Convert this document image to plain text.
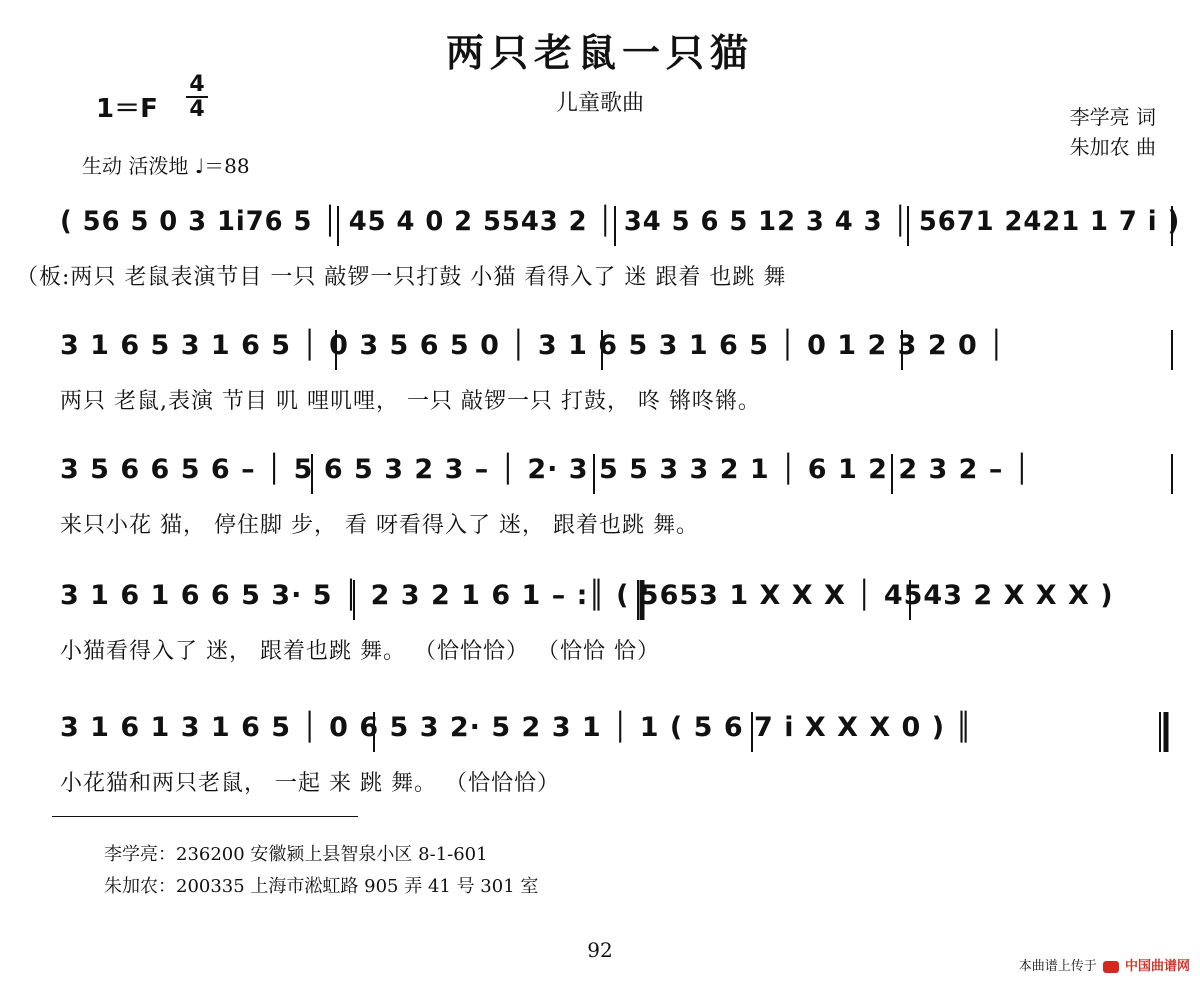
两只老鼠一只猫
儿童歌曲
1＝F
4
4
生动 活泼地 ♩＝88
李学亮 词
朱加农 曲
( 56 5 0 3 1i76 5 │ 45 4 0 2 5543 2 │ 34 5 6 5 12 3 4 3 │ 5671 2421 1 7 i )
（板:两只 老鼠表演节目 一只 敲锣一只打鼓 小猫 看得入了 迷 跟着 也跳 舞
3 1 6 5 3 1 6 5 │ 0 3 5 6 5 0 │ 3 1 6 5 3 1 6 5 │ 0 1 2 3 2 0 │
两只 老鼠,表演 节目 叽 哩叽哩， 一只 敲锣一只 打鼓， 咚 锵咚锵。
3 5 6 6 5 6 – │ 5 6 5 3 2 3 – │ 2· 3 5 5 3 3 2 1 │ 6 1 2 2 3 2 – │
来只小花 猫， 停住脚 步， 看 呀看得入了 迷， 跟着也跳 舞。
3 1 6 1 6 6 5 3· 5 │ 2 3 2 1 6 1 – :║ ( 5653 1 X X X │ 4543 2 X X X )
小猫看得入了 迷， 跟着也跳 舞。 （恰恰恰） （恰恰 恰）
3 1 6 1 3 1 6 5 │ 0 6 5 3 2· 5 2 3 1 │ 1 ( 5 6 7 i X X X 0 ) ║
小花猫和两只老鼠， 一起 来 跳 舞。 （恰恰恰）
李学亮：236200 安徽颍上县智泉小区 8-1-601
朱加农：200335 上海市淞虹路 905 弄 41 号 301 室
92
本曲谱上传于 中国曲谱网
